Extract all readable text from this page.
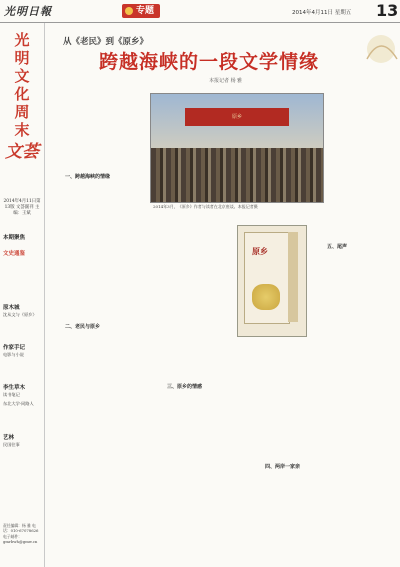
光明日報	专题	2014年4月11日 星期五 13
光
明
文
化
周
末
文荟
2014年4月11日第13版 文荟副刊 主编：王斌
本期聚焦
文史通鉴
原木城
沈从文与《原乡》
作家手记
电影与小说
李生草木
读书笔记
东北大学·同路人
艺林
民国往事
责任编辑：杨 雅 电话：010-67078626 电子邮件：gmrbwh@gmw.cn
从《老民》到《原乡》
跨越海峡的一段文学情缘
本报记者 杨 雅

一、跨越海峡的情缘
二、老民与原乡
三、原乡的情感
四、两岸一家亲
五、尾声
原乡
2014年3月，《原乡》作者与读者在北京座谈。本报记者摄
原乡
